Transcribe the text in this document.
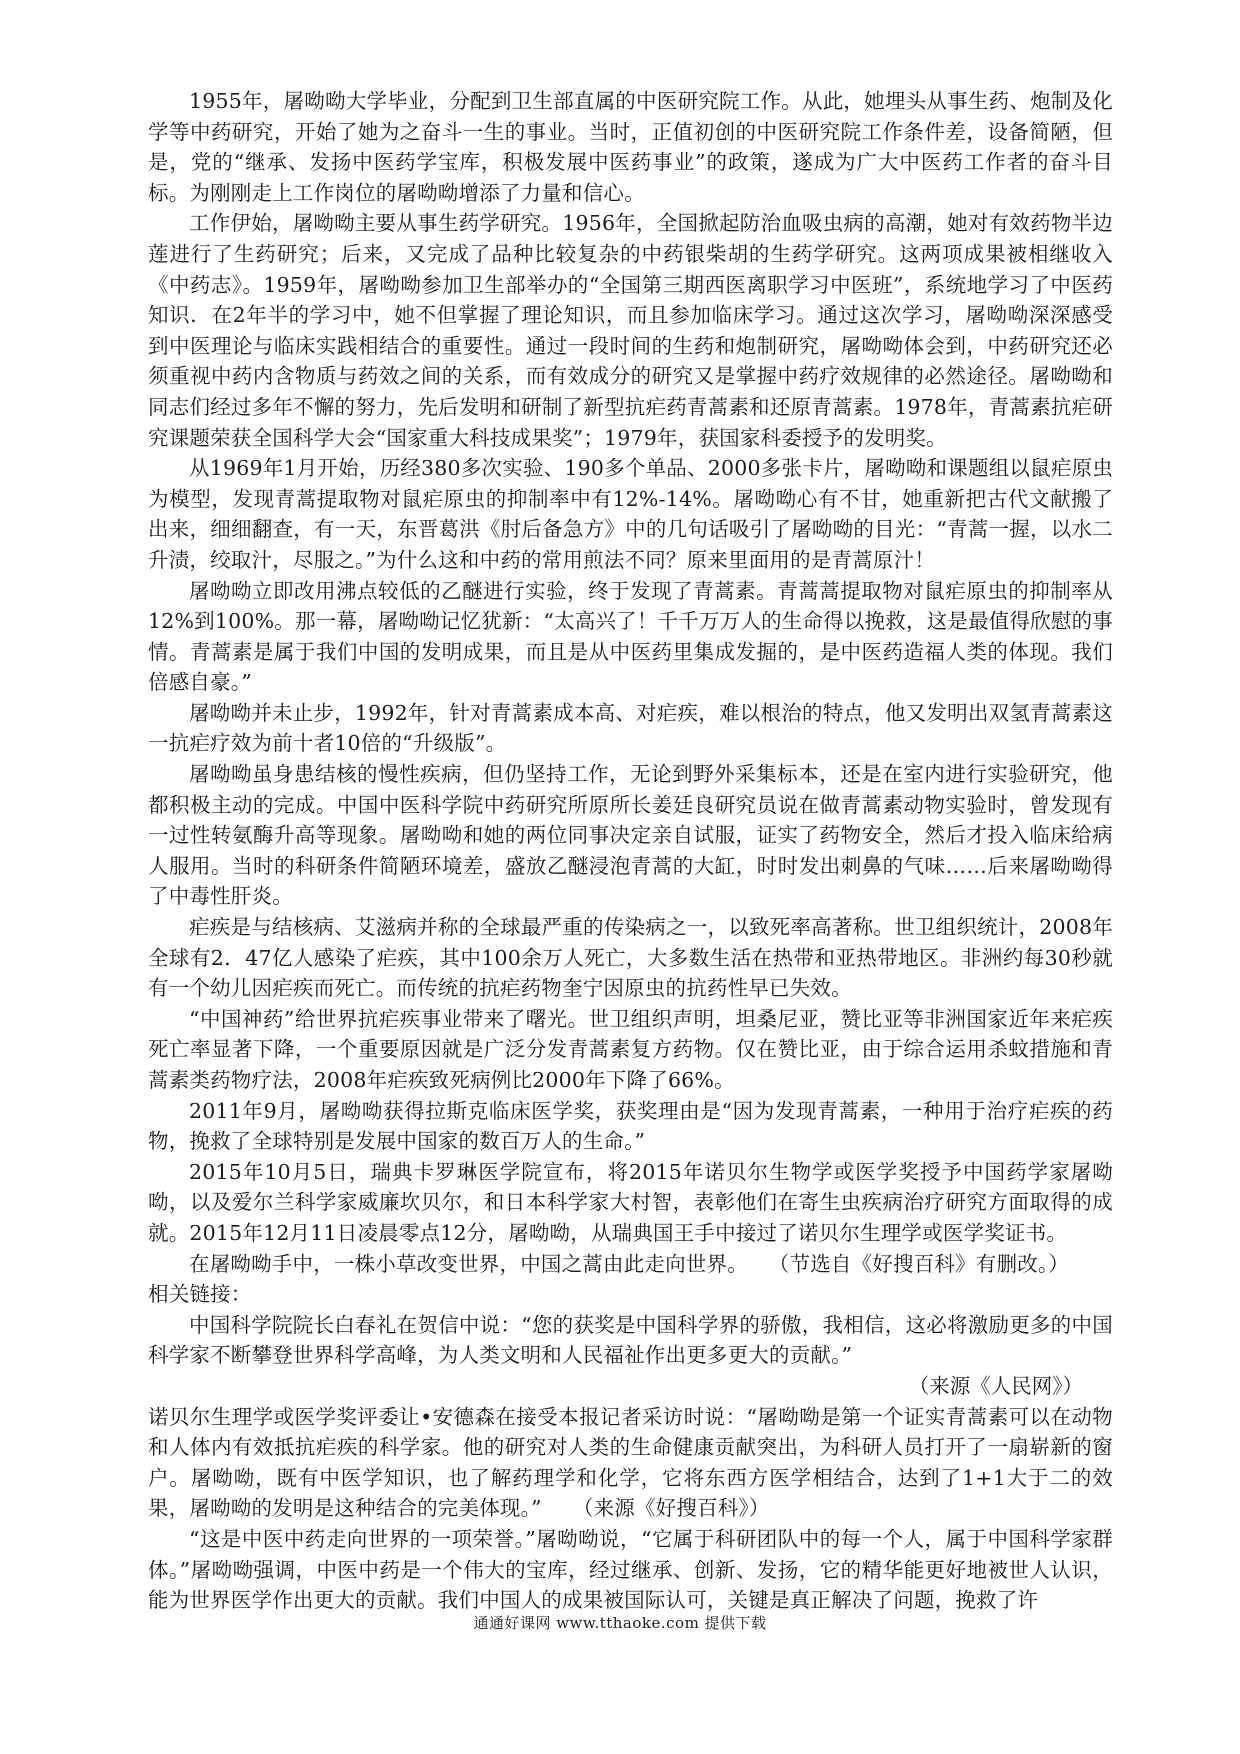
1955年，屠呦呦大学毕业，分配到卫生部直属的中医研究院工作。从此，她埋头从事生药、炮制及化学等中药研究，开始了她为之奋斗一生的事业。当时，正值初创的中医研究院工作条件差，设备简陋，但是，党的“继承、发扬中医药学宝库，积极发展中医药事业”的政策，遂成为广大中医药工作者的奋斗目标。为刚刚走上工作岗位的屠呦呦增添了力量和信心。

工作伊始，屠呦呦主要从事生药学研究。1956年，全国掀起防治血吸虫病的高潮，她对有效药物半边莲进行了生药研究；后来，又完成了品种比较复杂的中药银柴胡的生药学研究。这两项成果被相继收入《中药志》。1959年，屠呦呦参加卫生部举办的“全国第三期西医离职学习中医班”，系统地学习了中医药知识．在2年半的学习中，她不但掌握了理论知识，而且参加临床学习。通过这次学习，屠呦呦深深感受到中医理论与临床实践相结合的重要性。通过一段时间的生药和炮制研究，屠呦呦体会到，中药研究还必须重视中药内含物质与药效之间的关系，而有效成分的研究又是掌握中药疗效规律的必然途径。屠呦呦和同志们经过多年不懈的努力，先后发明和研制了新型抗疟药青蒿素和还原青蒿素。1978年，青蒿素抗疟研究课题荣获全国科学大会“国家重大科技成果奖”；1979年，获国家科委授予的发明奖。

从1969年1月开始，历经380多次实验、190多个单品、2000多张卡片，屠呦呦和课题组以鼠疟原虫为模型，发现青蒿提取物对鼠疟原虫的抑制率中有12%-14%。屠呦呦心有不甘，她重新把古代文献搬了出来，细细翻查，有一天，东晋葛洪《肘后备急方》中的几句话吸引了屠呦呦的目光：“青蒿一握，以水二升渍，绞取汁，尽服之。”为什么这和中药的常用煎法不同？原来里面用的是青蒿原汁！

屠呦呦立即改用沸点较低的乙醚进行实验，终于发现了青蒿素。青蒿蒿提取物对鼠疟原虫的抑制率从12%到100%。那一幕，屠呦呦记忆犹新：“太高兴了！千千万万人的生命得以挽救，这是最值得欣慰的事情。青蒿素是属于我们中国的发明成果，而且是从中医药里集成发掘的，是中医药造福人类的体现。我们倍感自豪。”

屠呦呦并未止步，1992年，针对青蒿素成本高、对疟疾，难以根治的特点，他又发明出双氢青蒿素这一抗疟疗效为前十者10倍的“升级版”。

屠呦呦虽身患结核的慢性疾病，但仍坚持工作，无论到野外采集标本，还是在室内进行实验研究，他都积极主动的完成。中国中医科学院中药研究所原所长姜廷良研究员说在做青蒿素动物实验时，曾发现有一过性转氨酶升高等现象。屠呦呦和她的两位同事决定亲自试服，证实了药物安全，然后才投入临床给病人服用。当时的科研条件简陋环境差，盛放乙醚浸泡青蒿的大缸，时时发出刺鼻的气味……后来屠呦呦得了中毒性肝炎。

疟疾是与结核病、艾滋病并称的全球最严重的传染病之一，以致死率高著称。世卫组织统计，2008年全球有2．47亿人感染了疟疾，其中100余万人死亡，大多数生活在热带和亚热带地区。非洲约每30秒就有一个幼儿因疟疾而死亡。而传统的抗疟药物奎宁因原虫的抗药性早已失效。

“中国神药”给世界抗疟疾事业带来了曙光。世卫组织声明，坦桑尼亚，赞比亚等非洲国家近年来疟疾死亡率显著下降，一个重要原因就是广泛分发青蒿素复方药物。仅在赞比亚，由于综合运用杀蚊措施和青蒿素类药物疗法，2008年疟疾致死病例比2000年下降了66%。

2011年9月，屠呦呦获得拉斯克临床医学奖，获奖理由是“因为发现青蒿素，一种用于治疗疟疾的药物，挽救了全球特别是发展中国家的数百万人的生命。”

2015年10月5日，瑞典卡罗琳医学院宣布，将2015年诺贝尔生物学或医学奖授予中国药学家屠呦呦，以及爱尔兰科学家威廉坎贝尔，和日本科学家大村智，表彰他们在寄生虫疾病治疗研究方面取得的成就。2015年12月11日凌晨零点12分，屠呦呦，从瑞典国王手中接过了诺贝尔生理学或医学奖证书。

在屠呦呦手中，一株小草改变世界，中国之蒿由此走向世界。　　（节选自《好搜百科》有删改。）

相关链接：

中国科学院院长白春礼在贺信中说：“您的获奖是中国科学界的骄傲，我相信，这必将激励更多的中国科学家不断攀登世界科学高峰，为人类文明和人民福祉作出更多更大的贡献。”

（来源《人民网》）

诺贝尔生理学或医学奖评委让•安德森在接受本报记者采访时说：“屠呦呦是第一个证实青蒿素可以在动物和人体内有效抵抗疟疾的科学家。他的研究对人类的生命健康贡献突出，为科研人员打开了一扇崭新的窗户。屠呦呦，既有中医学知识，也了解药理学和化学，它将东西方医学相结合，达到了1+1大于二的效果，屠呦呦的发明是这种结合的完美体现。”　　（来源《好搜百科》）

“这是中医中药走向世界的一项荣誉。”屠呦呦说，“它属于科研团队中的每一个人，属于中国科学家群体。”屠呦呦强调，中医中药是一个伟大的宝库，经过继承、创新、发扬，它的精华能更好地被世人认识，能为世界医学作出更大的贡献。我们中国人的成果被国际认可，关键是真正解决了问题，挽救了许

通通好课网 www.tthaoke.com 提供下载
